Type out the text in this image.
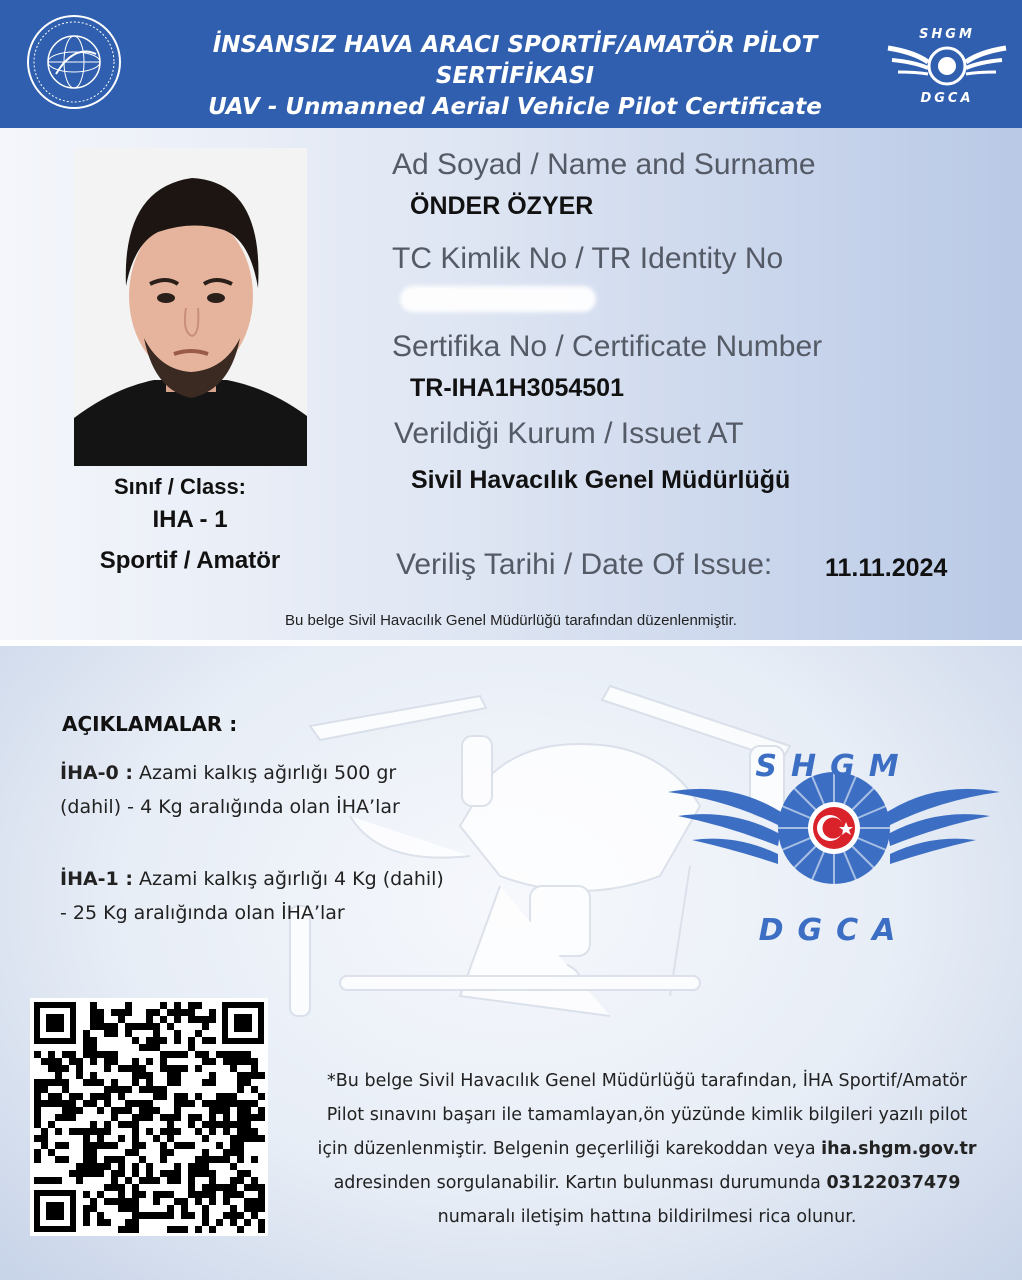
İNSANSIZ HAVA ARACI SPORTİF/AMATÖR PİLOT SERTİFİKASI
UAV - Unmanned Aerial Vehicle Pilot Certificate
SHGM
DGCA
Sınıf / Class:
IHA - 1
Sportif / Amatör
Ad Soyad / Name and Surname
ÖNDER ÖZYER
TC Kimlik No / TR Identity No
Sertifika No / Certificate Number
TR-IHA1H3054501
Verildiği Kurum / Issuet AT
Sivil Havacılık Genel Müdürlüğü
Veriliş Tarihi / Date Of Issue: 11.11.2024
Bu belge Sivil Havacılık Genel Müdürlüğü tarafından düzenlenmiştir.
AÇIKLAMALAR :
İHA-0 : Azami kalkış ağırlığı 500 gr
(dahil) - 4 Kg aralığında olan İHA’lar
İHA-1 : Azami kalkış ağırlığı 4 Kg (dahil)
- 25 Kg aralığında olan İHA’lar
SHGM
DGCA
*Bu belge Sivil Havacılık Genel Müdürlüğü tarafından, İHA Sportif/Amatör
Pilot sınavını başarı ile tamamlayan,ön yüzünde kimlik bilgileri yazılı pilot
için düzenlenmiştir. Belgenin geçerliliği karekoddan veya iha.shgm.gov.tr
adresinden sorgulanabilir. Kartın bulunması durumunda 03122037479
numaralı iletişim hattına bildirilmesi rica olunur.
